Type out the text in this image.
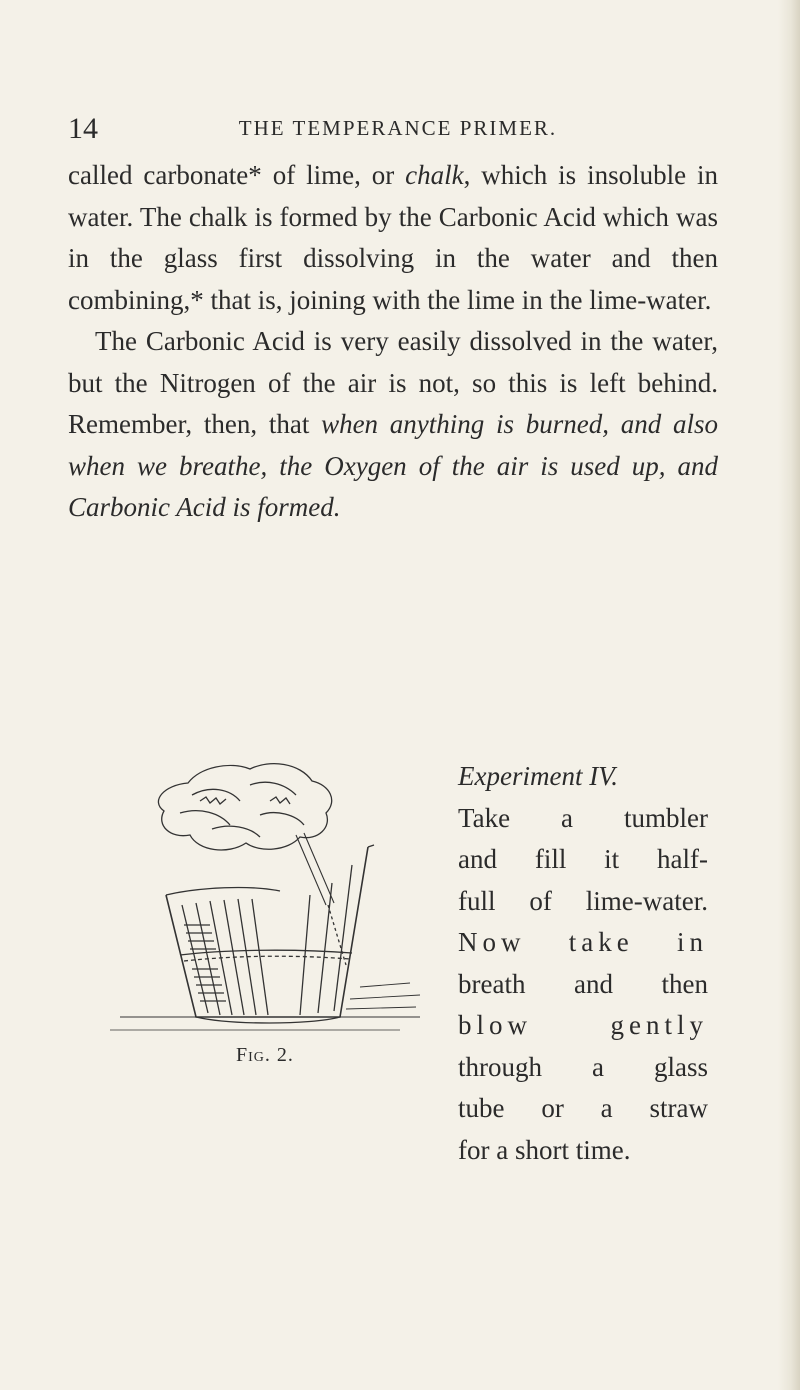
14	THE TEMPERANCE PRIMER.

called carbonate* of lime, or chalk, which is insoluble in water. The chalk is formed by the Carbonic Acid which was in the glass first dissolving in the water and then combining,* that is, joining with the lime in the lime-water.

 The Carbonic Acid is very easily dissolved in the water, but the Nitrogen of the air is not, so this is left behind. Remember, then, that when anything is burned, and also when we breathe, the Oxygen of the air is used up, and Carbonic Acid is formed.

Fig. 2.
Experiment IV.
Take a tumbler
and fill it half-
full of lime-water.
Now take in
breath and then
blow gently
through a glass
tube or a straw
for a short time.
